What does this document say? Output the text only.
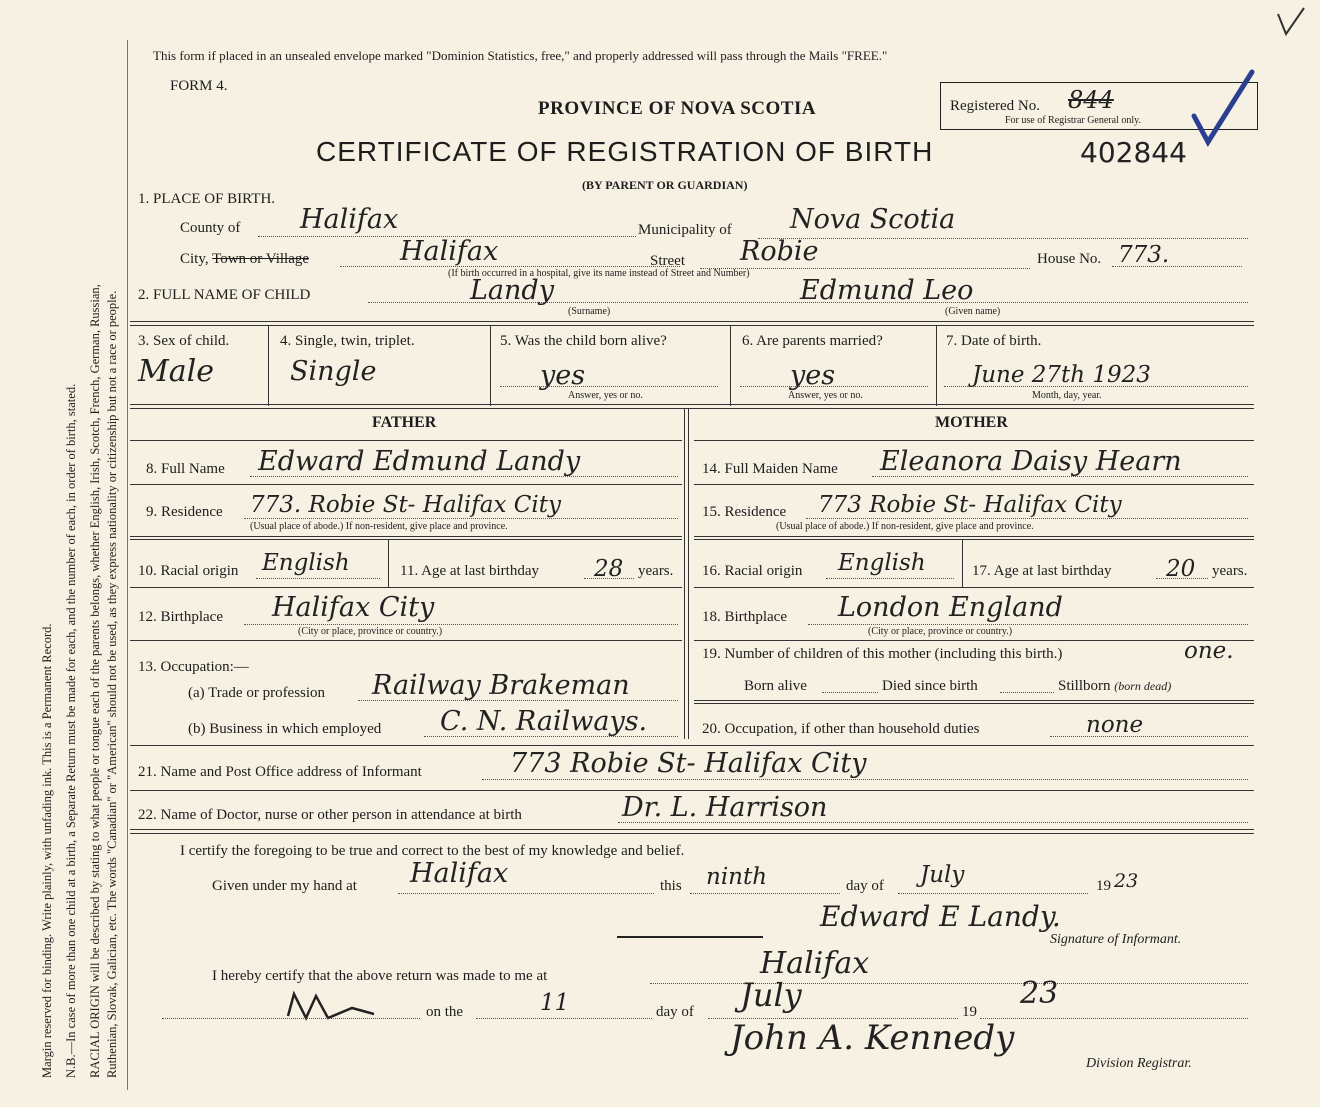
Margin reserved for binding. Write plainly, with unfading ink. This is a Permanent Record. N.B.—In case of more than one child at a birth, a Separate Return must be made for each, and the number of each, in order of birth, stated. RACIAL ORIGIN will be described by stating to what people or tongue each of the parents belongs, whether English, Irish, Scotch, French, German, Russian, Ruthenian, Slovak, Galician, etc. The words "Canadian" or "American" should not be used, as they express nationality or citizenship but not a race or people.
This form if placed in an unsealed envelope marked "Dominion Statistics, free," and properly addressed will pass through the Mails "FREE."
FORM 4.
PROVINCE OF NOVA SCOTIA
CERTIFICATE OF REGISTRATION OF BIRTH	402844
(BY PARENT OR GUARDIAN)
Registered No. 844
For use of Registrar General only.
1. PLACE OF BIRTH.
County of Halifax	Municipality of Nova Scotia
City, Town or Village	Halifax	Street Robie	House No. 773.
(If birth occurred in a hospital, give its name instead of Street and Number)
2. FULL NAME OF CHILD	Landy
(Surname)
Edmund Leo
(Given name)
3. Sex of child.
Male
4. Single, twin, triplet.
Single
5. Was the child born alive?
yes
Answer, yes or no.
6. Are parents married?
yes
Answer, yes or no.
7. Date of birth.
June 27th 1923
Month, day, year.
FATHER	MOTHER
8. Full Name Edward Edmund Landy
9. Residence 773. Robie St- Halifax City
(Usual place of abode.) If non-resident, give place and province.
10. Racial origin English	11. Age at last birthday 28 years.
12. Birthplace Halifax City
(City or place, province or country.)
13. Occupation:—
(a) Trade or profession Railway Brakeman
(b) Business in which employed C. N. Railways.
14. Full Maiden Name Eleanora Daisy Hearn
15. Residence 773 Robie St- Halifax City
(Usual place of abode.) If non-resident, give place and province.
16. Racial origin English	17. Age at last birthday 20 years.
18. Birthplace London England
(City or place, province or country.)
19. Number of children of this mother (including this birth.)	one.
Born alive	Died since birth	Stillborn (born dead)
20. Occupation, if other than household duties	none
21. Name and Post Office address of Informant	773 Robie St- Halifax City
22. Name of Doctor, nurse or other person in attendance at birth	Dr. L. Harrison
I certify the foregoing to be true and correct to the best of my knowledge and belief.
Given under my hand at Halifax	this ninth	day of July	19 23
Edward E Landy.
Signature of Informant.
I hereby certify that the above return was made to me at	Halifax
on the	11	day of July	19
23
John A. Kennedy
Division Registrar.
